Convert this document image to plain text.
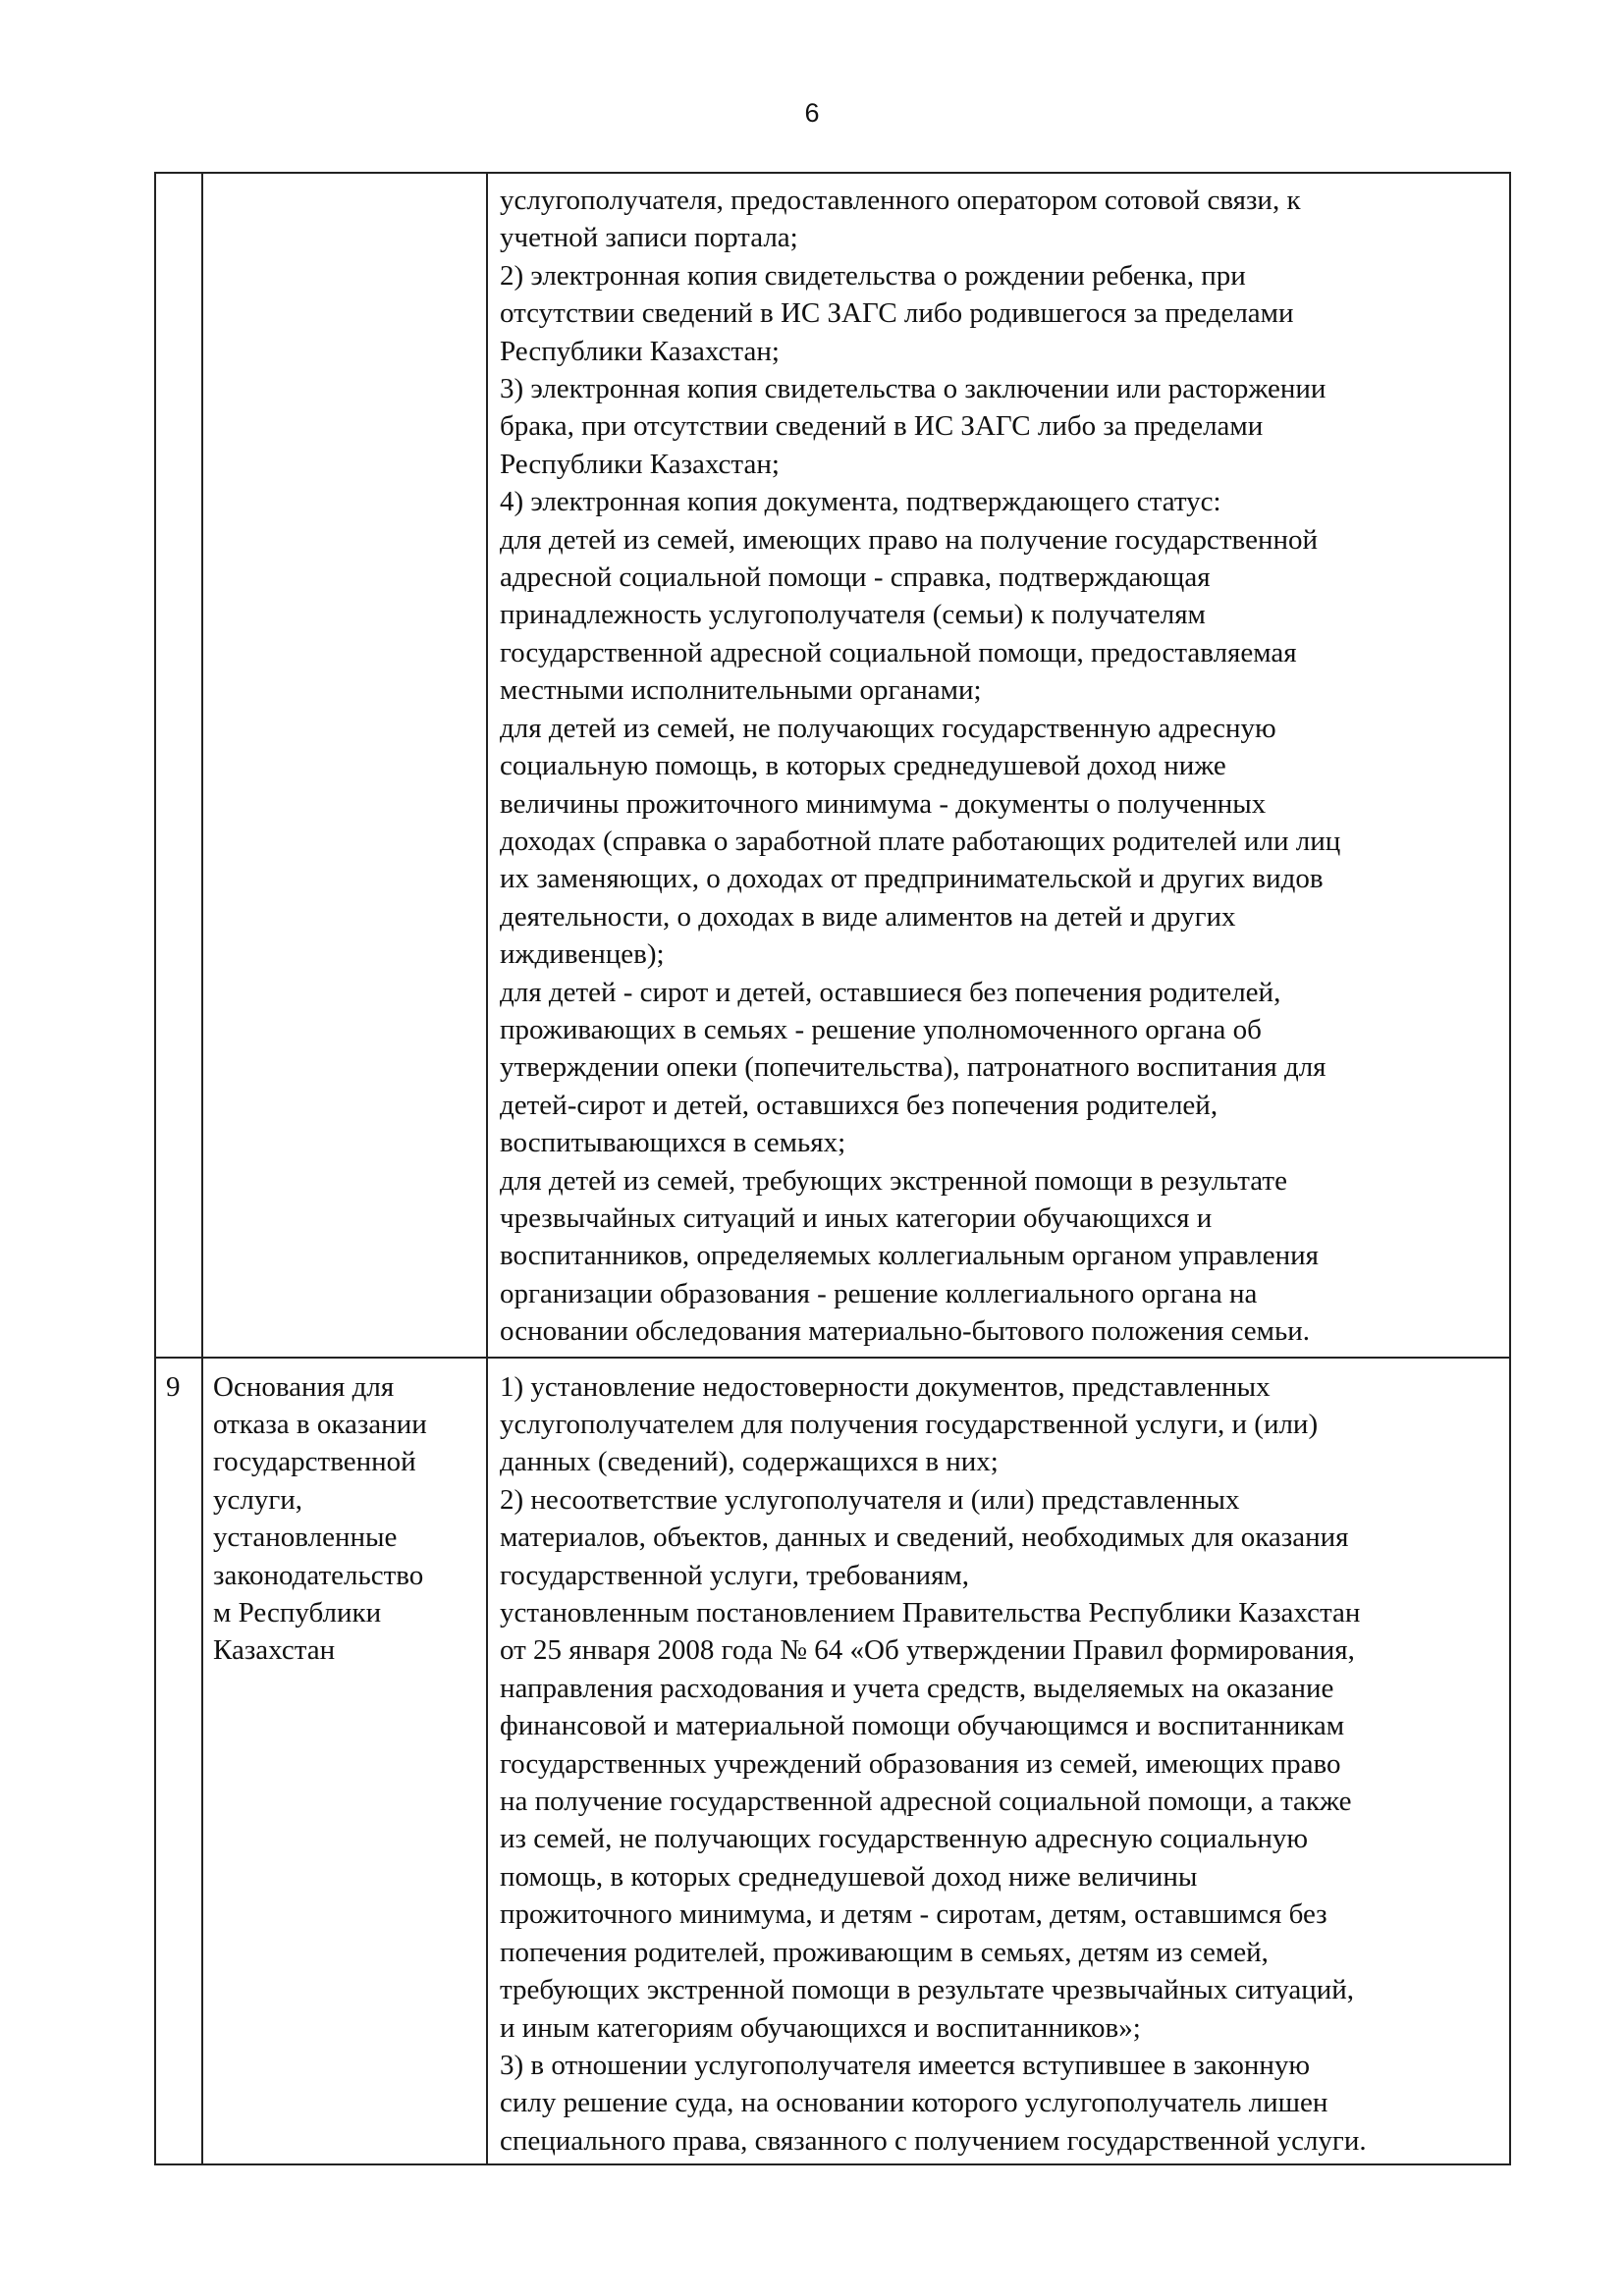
6
услугополучателя, предоставленного оператором сотовой связи, к
учетной записи портала;
2) электронная копия свидетельства о рождении ребенка, при
отсутствии сведений в ИС ЗАГС либо родившегося за пределами
Республики Казахстан;
3) электронная копия свидетельства о заключении или расторжении
брака, при отсутствии сведений в ИС ЗАГС либо за пределами
Республики Казахстан;
4) электронная копия документа, подтверждающего статус:
для детей из семей, имеющих право на получение государственной
адресной социальной помощи - справка, подтверждающая
принадлежность услугополучателя (семьи) к получателям
государственной адресной социальной помощи, предоставляемая
местными исполнительными органами;
для детей из семей, не получающих государственную адресную
социальную помощь, в которых среднедушевой доход ниже
величины прожиточного минимума - документы о полученных
доходах (справка о заработной плате работающих родителей или лиц
их заменяющих, о доходах от предпринимательской и других видов
деятельности, о доходах в виде алиментов на детей и других
иждивенцев);
для детей - сирот и детей, оставшиеся без попечения родителей,
проживающих в семьях - решение уполномоченного органа об
утверждении опеки (попечительства), патронатного воспитания для
детей-сирот и детей, оставшихся без попечения родителей,
воспитывающихся в семьях;
для детей из семей, требующих экстренной помощи в результате
чрезвычайных ситуаций и иных категории обучающихся и
воспитанников, определяемых коллегиальным органом управления
организации образования - решение коллегиального органа на
основании обследования материально-бытового положения семьи.
9	Основания для
отказа в оказании
государственной
услуги,
установленные
законодательство
м Республики
Казахстан
1) установление недостоверности документов, представленных
услугополучателем для получения государственной услуги, и (или)
данных (сведений), содержащихся в них;
2) несоответствие услугополучателя и (или) представленных
материалов, объектов, данных и сведений, необходимых для оказания
государственной услуги, требованиям,
установленным постановлением Правительства Республики Казахстан
от 25 января 2008 года № 64 «Об утверждении Правил формирования,
направления расходования и учета средств, выделяемых на оказание
финансовой и материальной помощи обучающимся и воспитанникам
государственных учреждений образования из семей, имеющих право
на получение государственной адресной социальной помощи, а также
из семей, не получающих государственную адресную социальную
помощь, в которых среднедушевой доход ниже величины
прожиточного минимума, и детям - сиротам, детям, оставшимся без
попечения родителей, проживающим в семьях, детям из семей,
требующих экстренной помощи в результате чрезвычайных ситуаций,
и иным категориям обучающихся и воспитанников»;
3) в отношении услугополучателя имеется вступившее в законную
силу решение суда, на основании которого услугополучатель лишен
специального права, связанного с получением государственной услуги.
